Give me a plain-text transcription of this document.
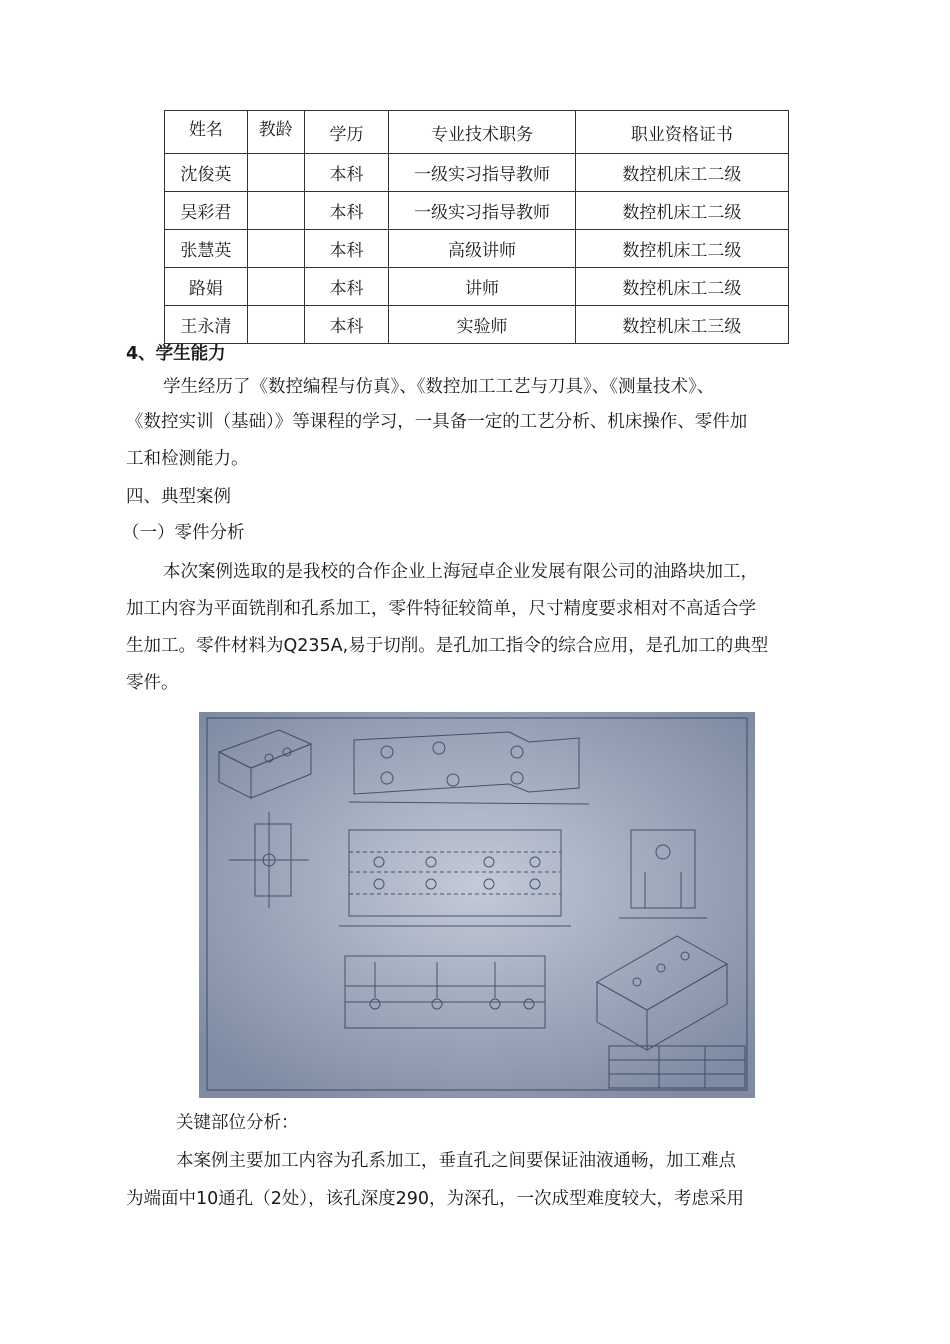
姓名	教龄	学历	专业技术职务	职业资格证书
沈俊英		本科	一级实习指导教师	数控机床工二级
吴彩君		本科	一级实习指导教师	数控机床工二级
张慧英		本科	高级讲师	数控机床工二级
路娟		本科	讲师	数控机床工二级
王永清		本科	实验师	数控机床工三级
4、学生能力
学生经历了《数控编程与仿真》、《数控加工工艺与刀具》、《测量技术》、
《数控实训（基础）》等课程的学习，一具备一定的工艺分析、机床操作、零件加
工和检测能力。
四、典型案例
（一）零件分析
本次案例选取的是我校的合作企业上海冠卓企业发展有限公司的油路块加工，
加工内容为平面铣削和孔系加工，零件特征较简单，尺寸精度要求相对不高适合学
生加工。零件材料为Q235A,易于切削。是孔加工指令的综合应用，是孔加工的典型
零件。
关键部位分析：
本案例主要加工内容为孔系加工，垂直孔之间要保证油液通畅，加工难点
为端面中10通孔（2处），该孔深度290，为深孔，一次成型难度较大，考虑采用
